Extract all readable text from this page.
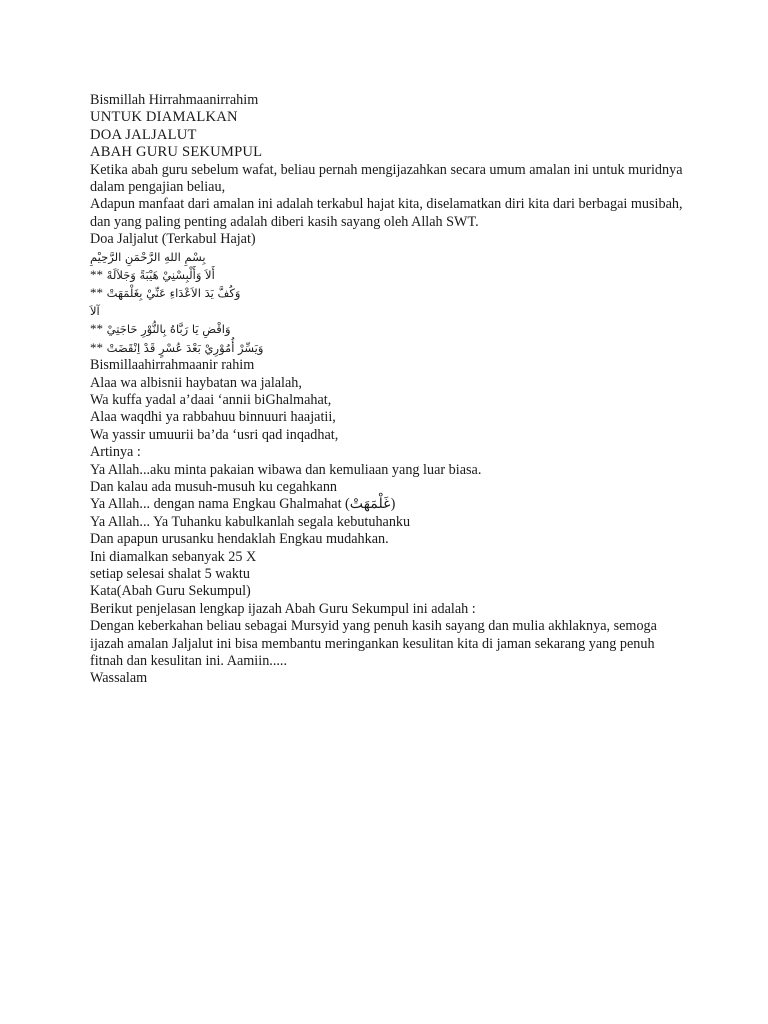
Bismillah Hirrahmaanirrahim
UNTUK DIAMALKAN
DOA JALJALUT
ABAH GURU SEKUMPUL

Ketika abah guru sebelum wafat, beliau pernah mengijazahkan secara umum amalan ini untuk muridnya dalam pengajian beliau,

Adapun manfaat dari amalan ini adalah terkabul hajat kita, diselamatkan diri kita dari berbagai musibah, dan yang paling penting adalah diberi kasih sayang oleh Allah SWT.

Doa Jaljalut (Terkabul Hajat)
بِسْمِ اللهِ الرَّحْمَنِ الرَّحِيْمِ
** أَلاَ وَأَلْبِسْنِيْ هَيْبَةً وَجَلاَلَهْ
** وَكُفَّ يَدَ الاَعْدَاءِ عَنِّيْ بِغَلْمَهَتْ
آلاَ
** وَاقْضِ يَا رَبَّاهُ بِالنُّوْرِ حَاجَتِيْ
** وَيَسِّرْ أُمُوْرِيْ بَعْدَ عُسْرٍ قَدْ اِنْقَضَتْ
Bismillaahirrahmaanir rahim
Alaa wa albisnii haybatan wa jalalah,
Wa kuffa yadal a’daai ‘annii biGhalmahat,
Alaa waqdhi ya rabbahuu binnuuri haajatii,
Wa yassir umuurii ba’da ‘usri qad inqadhat,
Artinya :
Ya Allah...aku minta pakaian wibawa dan kemuliaan yang luar biasa.
Dan kalau ada musuh-musuh ku cegahkann
Ya Allah... dengan nama Engkau Ghalmahat (غَلْمَهَتْ)
Ya Allah... Ya Tuhanku kabulkanlah segala kebutuhanku
Dan apapun urusanku hendaklah Engkau mudahkan.
Ini diamalkan sebanyak 25 X
setiap selesai shalat 5 waktu
Kata(Abah Guru Sekumpul)
Berikut penjelasan lengkap ijazah Abah Guru Sekumpul ini adalah :

Dengan keberkahan beliau sebagai Mursyid yang penuh kasih sayang dan mulia akhlaknya, semoga ijazah amalan Jaljalut ini bisa membantu meringankan kesulitan kita di jaman sekarang yang penuh fitnah dan kesulitan ini. Aamiin.....

Wassalam
